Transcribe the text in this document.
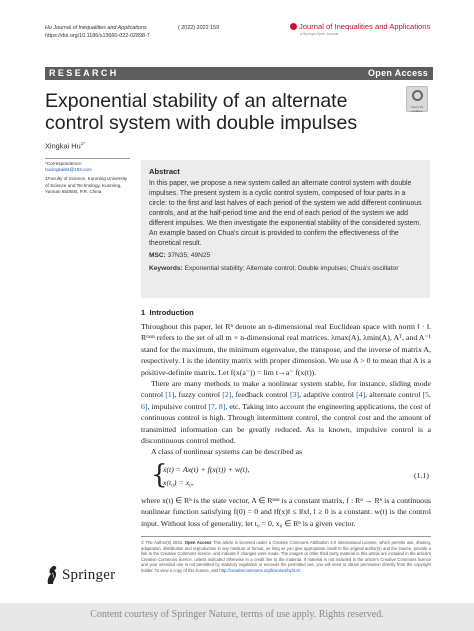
Hu Journal of Inequalities and Applications
https://doi.org/10.1186/s13660-022-02898-7
( 2022) 2022:159	Journal of Inequalities and Applications
a SpringerOpen Journal
RESEARCH	Open Access
Exponential stability of an alternate control system with double impulses
Check for updates
Xingkai $Hu^{1*}$

*Correspondence:
huxingkai84@163.com

1Faculty of Science, Kunming University of Science and Technology, Kunming, Yunnan 650500, P.R. China

Abstract
In this paper, we propose a new system called an alternate control system with double impulses. The present system is a cyclic control system, composed of four parts in a circle: to the first and last halves of each period of the system we add different continuous controls, and at the half-period time and the end of each period of the system we add different impulses. We then investigate the exponential stability of the considered system. An example based on Chua's circuit is provided to confirm the effectiveness of the theoretical result.
MSC: 37N35; 49N25
Keywords: Exponential stability; Alternate control; Double impulses; Chua's oscillator
1 Introduction
Throughout this paper, let Rⁿ denote an n-dimensional real Euclidean space with norm ‖ · ‖. Rᵐˣⁿ refers to the set of all m × n-dimensional real matrices. λmax(A), λmin(A), Aᵀ, and A⁻¹ stand for the maximum, the minimum eigenvalue, the transpose, and the inverse of matrix A, respectively. I is the identity matrix with proper dimension. We use A > 0 to mean that A is a positive-definite matrix. Let f(x(a⁻)) = lim t→a⁻ f(x(t)).
There are many methods to make a nonlinear system stable, for instance, sliding mode control [1], fuzzy control [2], feedback control [3], adaptive control [4], alternate control [5, 6], impulsive control [7, 8], etc. Taking into account the engineering applications, the cost of continuous control is high. Through intermittent control, the control cost and the amount of transmitted information can be greatly reduced. As is known, impulsive control is a discontinuous control method.
A class of nonlinear systems can be described as
{
ẋ(t) = Ax(t) + f(x(t)) + w(t),
x(t₀) = x₀,
(1.1)
where x(t) ∈ Rⁿ is the state vector, A ∈ Rⁿˣⁿ is a constant matrix, f : Rⁿ → Rⁿ is a continuous nonlinear function satisfying f(0) = 0 and ‖f(x)‖ ≤ l‖x‖, l ≥ 0 is a constant. w(t) is the control input. Without loss of generality, let t₀ = 0, x₀ ∈ Rⁿ is a given vector.
© The Author(s) 2022. Open Access This article is licensed under a Creative Commons Attribution 4.0 International License, which permits use, sharing, adaptation, distribution and reproduction in any medium or format, as long as you give appropriate credit to the original author(s) and the source, provide a link to the Creative Commons licence, and indicate if changes were made. The images or other third party material in this article are included in the article's Creative Commons licence, unless indicated otherwise in a credit line to the material. If material is not included in the article's Creative Commons licence and your intended use is not permitted by statutory regulation or exceeds the permitted use, you will need to obtain permission directly from the copyright holder. To view a copy of this licence, visit http://creativecommons.org/licenses/by/4.0/.
Springer
Content courtesy of Springer Nature, terms of use apply. Rights reserved.
